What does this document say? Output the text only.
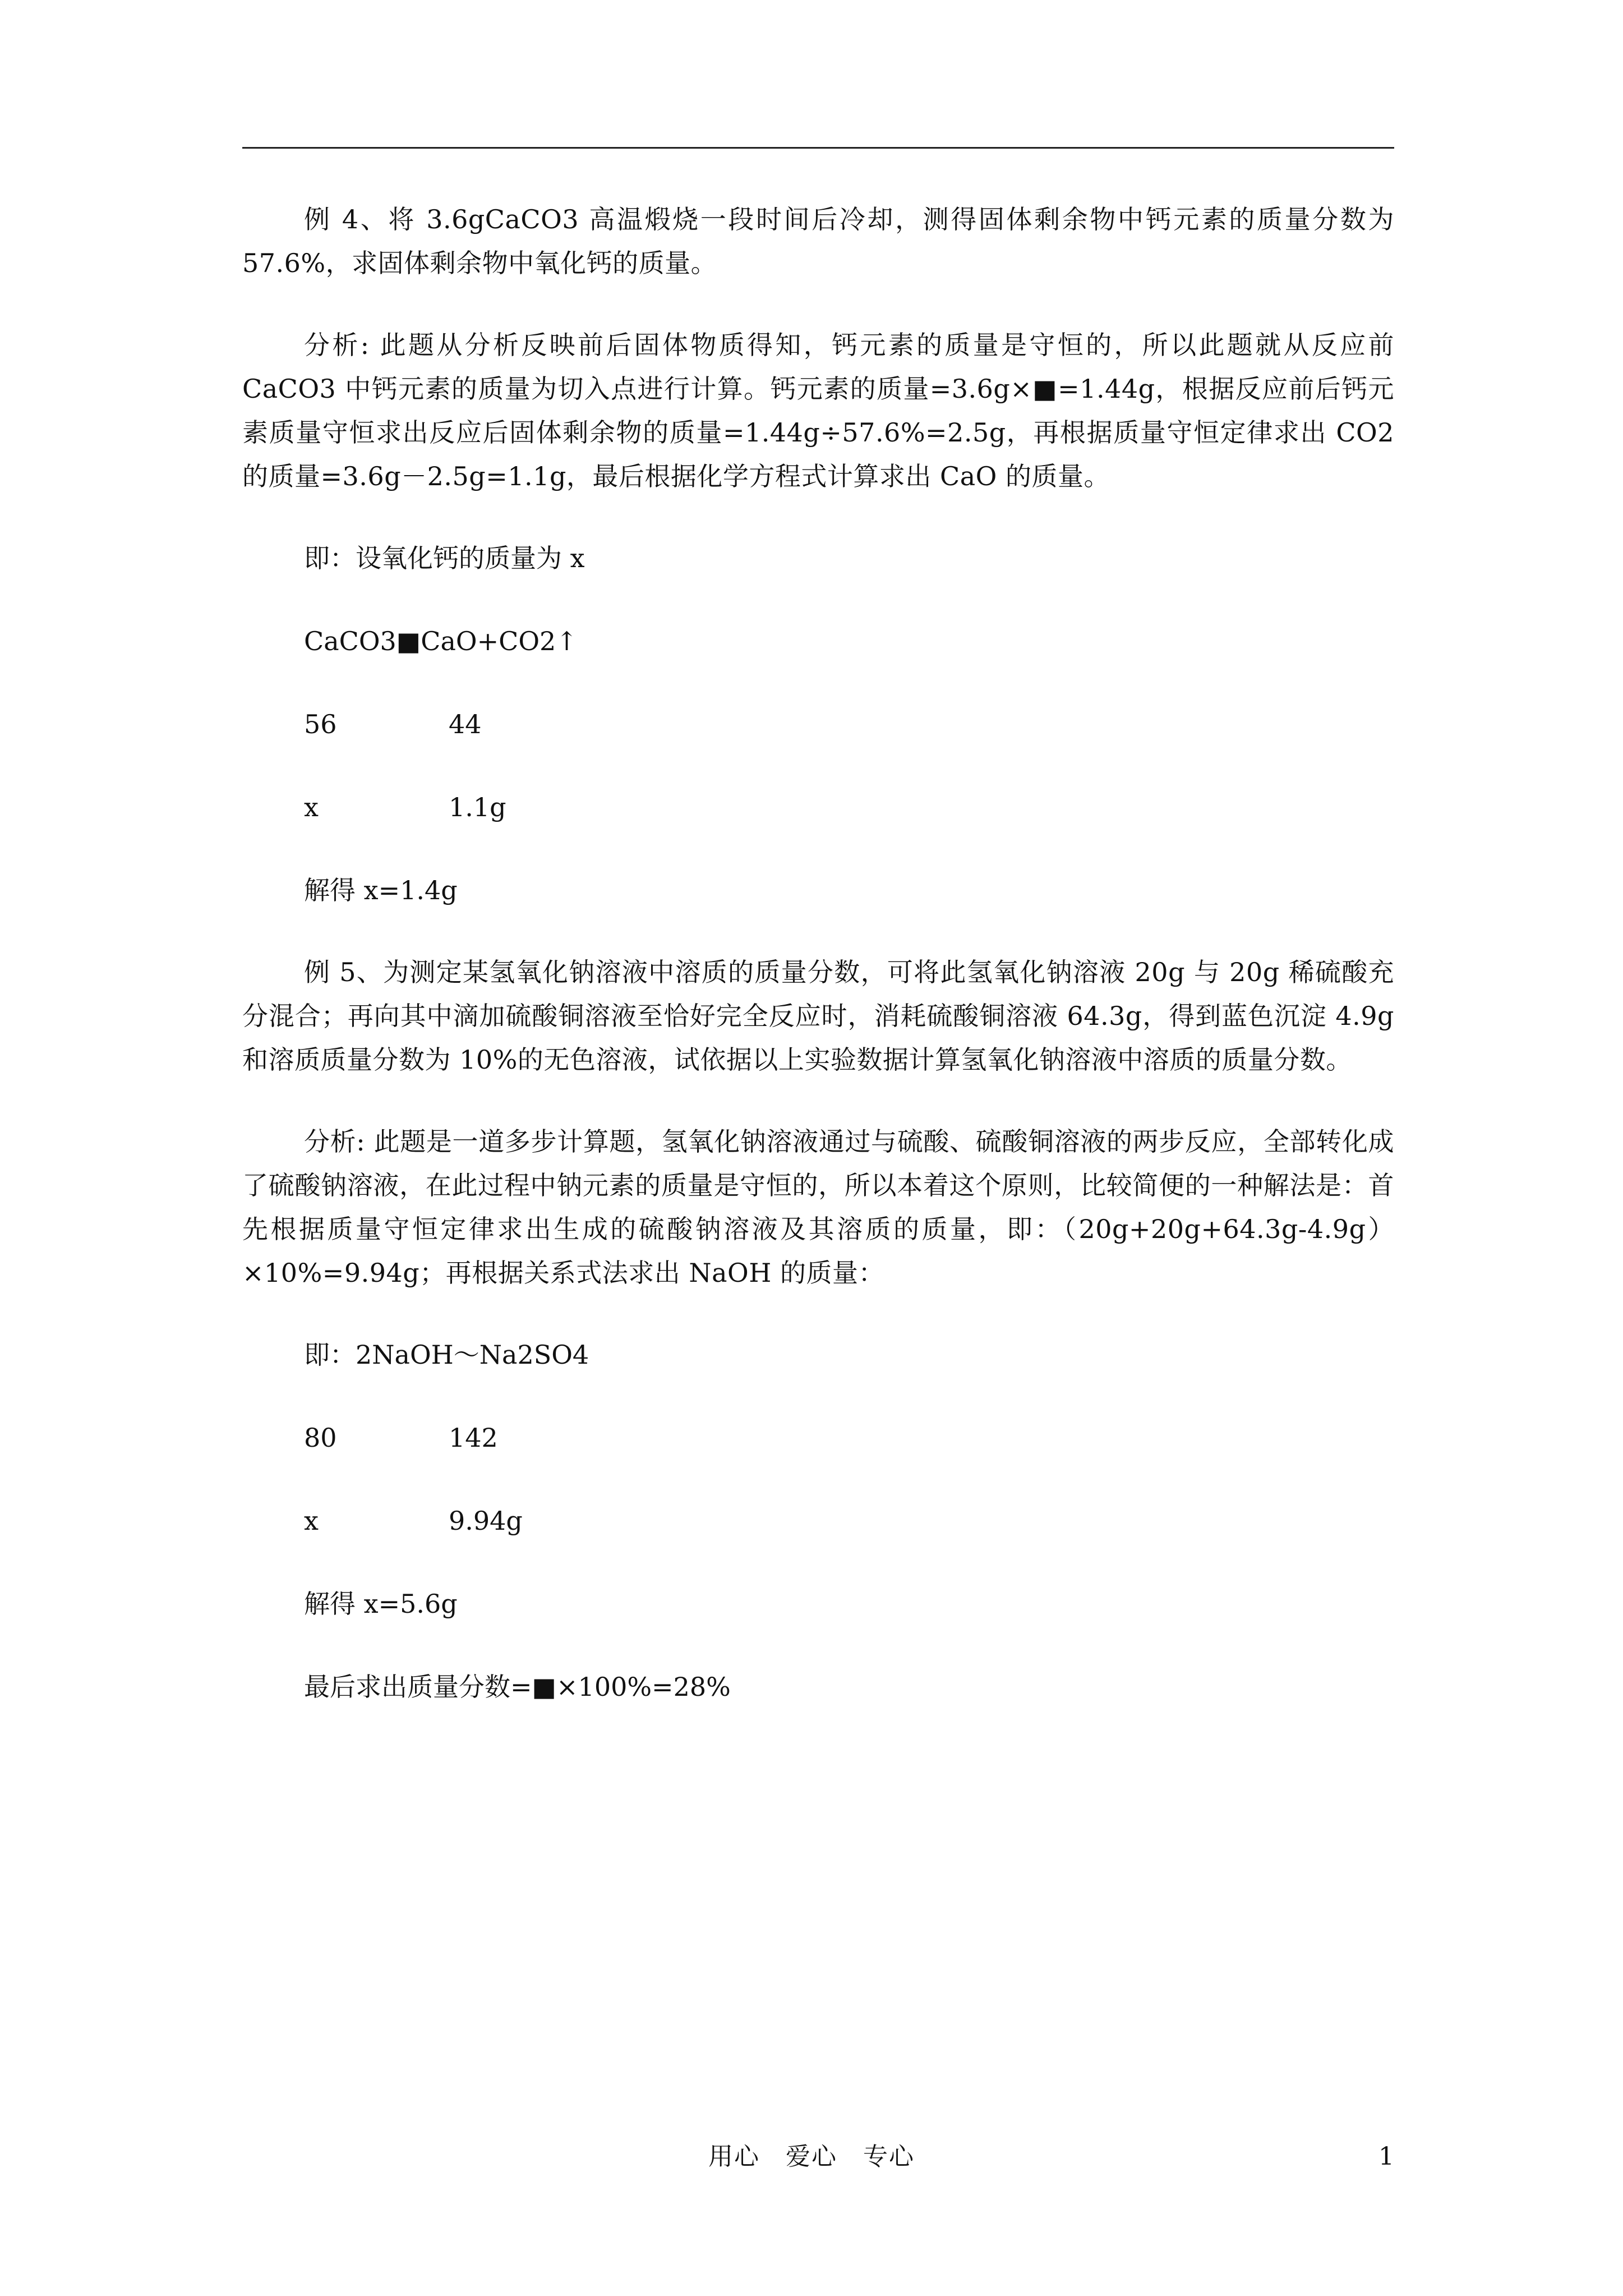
例 4、将 3.6gCaCO3 高温煅烧一段时间后冷却，测得固体剩余物中钙元素的质量分数为 57.6%，求固体剩余物中氧化钙的质量。

分析: 此题从分析反映前后固体物质得知，钙元素的质量是守恒的，所以此题就从反应前 CaCO3 中钙元素的质量为切入点进行计算。钙元素的质量=3.6g×■=1.44g，根据反应前后钙元素质量守恒求出反应后固体剩余物的质量=1.44g÷57.6%=2.5g，再根据质量守恒定律求出 CO2 的质量=3.6g－2.5g=1.1g，最后根据化学方程式计算求出 CaO 的质量。

即：设氧化钙的质量为 x

CaCO3■CaO+CO2↑

56	44
x	1.1g

解得 x=1.4g

例 5、为测定某氢氧化钠溶液中溶质的质量分数，可将此氢氧化钠溶液 20g 与 20g 稀硫酸充分混合；再向其中滴加硫酸铜溶液至恰好完全反应时，消耗硫酸铜溶液 64.3g，得到蓝色沉淀 4.9g 和溶质质量分数为 10%的无色溶液，试依据以上实验数据计算氢氧化钠溶液中溶质的质量分数。

分析: 此题是一道多步计算题，氢氧化钠溶液通过与硫酸、硫酸铜溶液的两步反应，全部转化成了硫酸钠溶液，在此过程中钠元素的质量是守恒的，所以本着这个原则，比较简便的一种解法是：首先根据质量守恒定律求出生成的硫酸钠溶液及其溶质的质量，即：（20g+20g+64.3g-4.9g）×10%=9.94g；再根据关系式法求出 NaOH 的质量：

即：2NaOH～Na2SO4

80	142
x	9.94g

解得 x=5.6g

最后求出质量分数=■×100%=28%

用心　爱心　专心	1
